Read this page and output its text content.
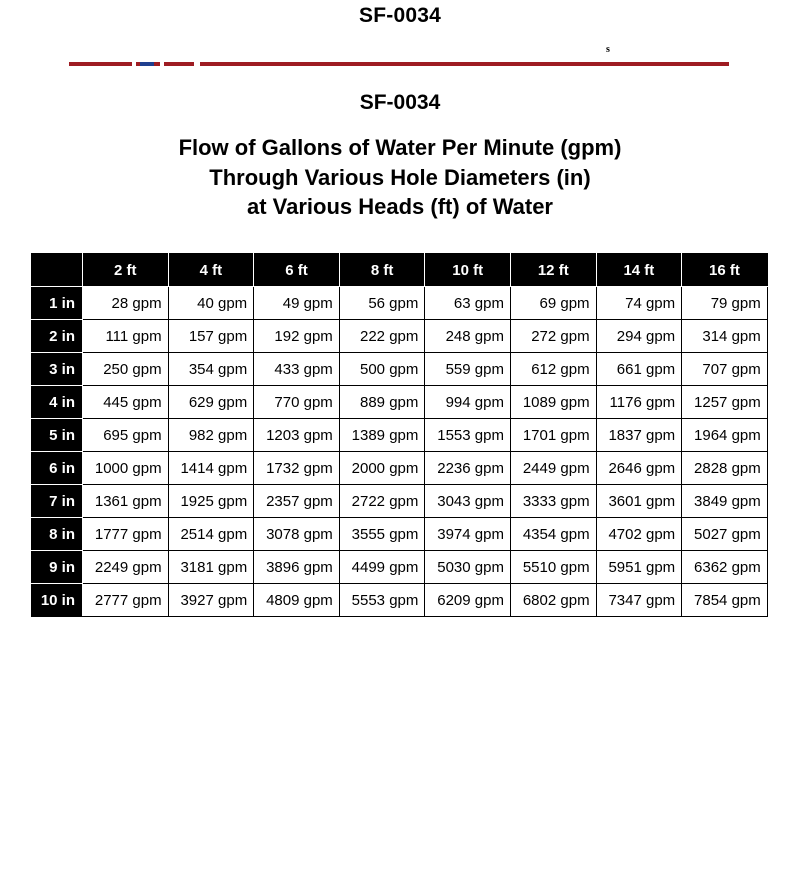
SF-0034
s
SF-0034
Flow of Gallons of Water Per Minute (gpm)
Through Various Hole Diameters (in)
at Various Heads (ft) of Water
	2 ft	4 ft	6 ft	8 ft	10 ft	12 ft	14 ft	16 ft
1 in	28 gpm	40 gpm	49 gpm	56 gpm	63 gpm	69 gpm	74 gpm	79 gpm
2 in	111 gpm	157 gpm	192 gpm	222 gpm	248 gpm	272 gpm	294 gpm	314 gpm
3 in	250 gpm	354 gpm	433 gpm	500 gpm	559 gpm	612 gpm	661 gpm	707 gpm
4 in	445 gpm	629 gpm	770 gpm	889 gpm	994 gpm	1089 gpm	1176 gpm	1257 gpm
5 in	695 gpm	982 gpm	1203 gpm	1389 gpm	1553 gpm	1701 gpm	1837 gpm	1964 gpm
6 in	1000 gpm	1414 gpm	1732 gpm	2000 gpm	2236 gpm	2449 gpm	2646 gpm	2828 gpm
7 in	1361 gpm	1925 gpm	2357 gpm	2722 gpm	3043 gpm	3333 gpm	3601 gpm	3849 gpm
8 in	1777 gpm	2514 gpm	3078 gpm	3555 gpm	3974 gpm	4354 gpm	4702 gpm	5027 gpm
9 in	2249 gpm	3181 gpm	3896 gpm	4499 gpm	5030 gpm	5510 gpm	5951 gpm	6362 gpm
10 in	2777 gpm	3927 gpm	4809 gpm	5553 gpm	6209 gpm	6802 gpm	7347 gpm	7854 gpm
